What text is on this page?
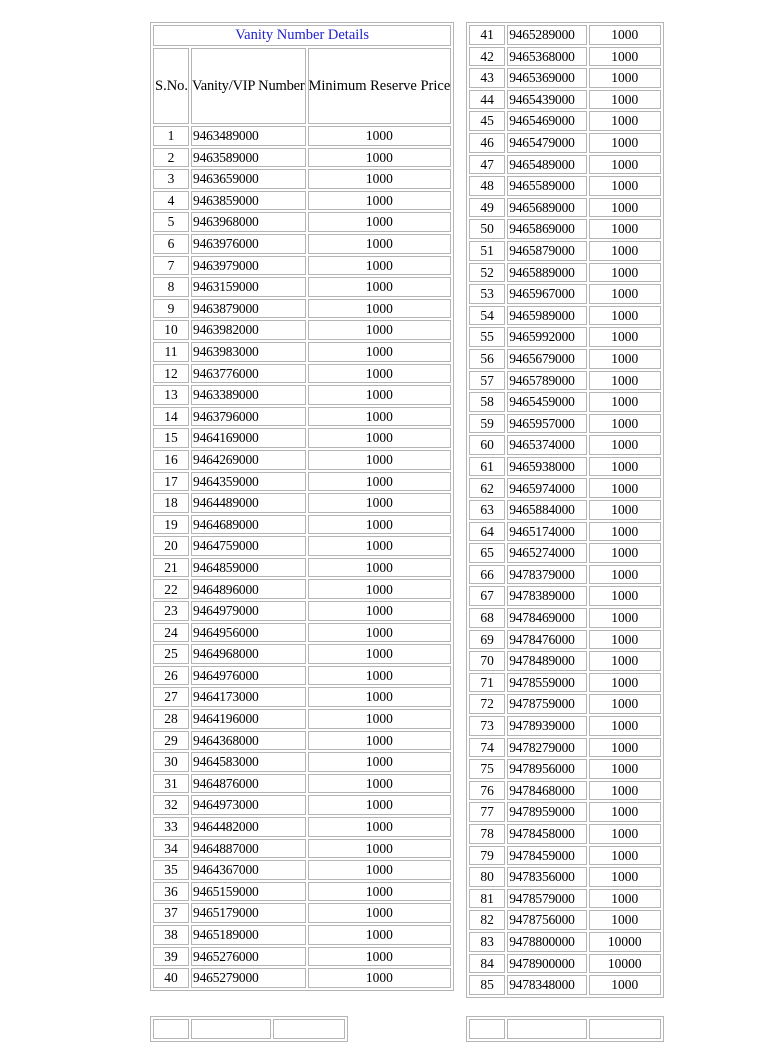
Vanity Number Details		
S.No.	Vanity/VIP Number	Minimum Reserve Price
1	9463489000	1000
2	9463589000	1000
3	9463659000	1000
4	9463859000	1000
5	9463968000	1000
6	9463976000	1000
7	9463979000	1000
8	9463159000	1000
9	9463879000	1000
10	9463982000	1000
11	9463983000	1000
12	9463776000	1000
13	9463389000	1000
14	9463796000	1000
15	9464169000	1000
16	9464269000	1000
17	9464359000	1000
18	9464489000	1000
19	9464689000	1000
20	9464759000	1000
21	9464859000	1000
22	9464896000	1000
23	9464979000	1000
24	9464956000	1000
25	9464968000	1000
26	9464976000	1000
27	9464173000	1000
28	9464196000	1000
29	9464368000	1000
30	9464583000	1000
31	9464876000	1000
32	9464973000	1000
33	9464482000	1000
34	9464887000	1000
35	9464367000	1000
36	9465159000	1000
37	9465179000	1000
38	9465189000	1000
39	9465276000	1000
40	9465279000	1000
41	9465289000	1000
42	9465368000	1000
43	9465369000	1000
44	9465439000	1000
45	9465469000	1000
46	9465479000	1000
47	9465489000	1000
48	9465589000	1000
49	9465689000	1000
50	9465869000	1000
51	9465879000	1000
52	9465889000	1000
53	9465967000	1000
54	9465989000	1000
55	9465992000	1000
56	9465679000	1000
57	9465789000	1000
58	9465459000	1000
59	9465957000	1000
60	9465374000	1000
61	9465938000	1000
62	9465974000	1000
63	9465884000	1000
64	9465174000	1000
65	9465274000	1000
66	9478379000	1000
67	9478389000	1000
68	9478469000	1000
69	9478476000	1000
70	9478489000	1000
71	9478559000	1000
72	9478759000	1000
73	9478939000	1000
74	9478279000	1000
75	9478956000	1000
76	9478468000	1000
77	9478959000	1000
78	9478458000	1000
79	9478459000	1000
80	9478356000	1000
81	9478579000	1000
82	9478756000	1000
83	9478800000	10000
84	9478900000	10000
85	9478348000	1000
